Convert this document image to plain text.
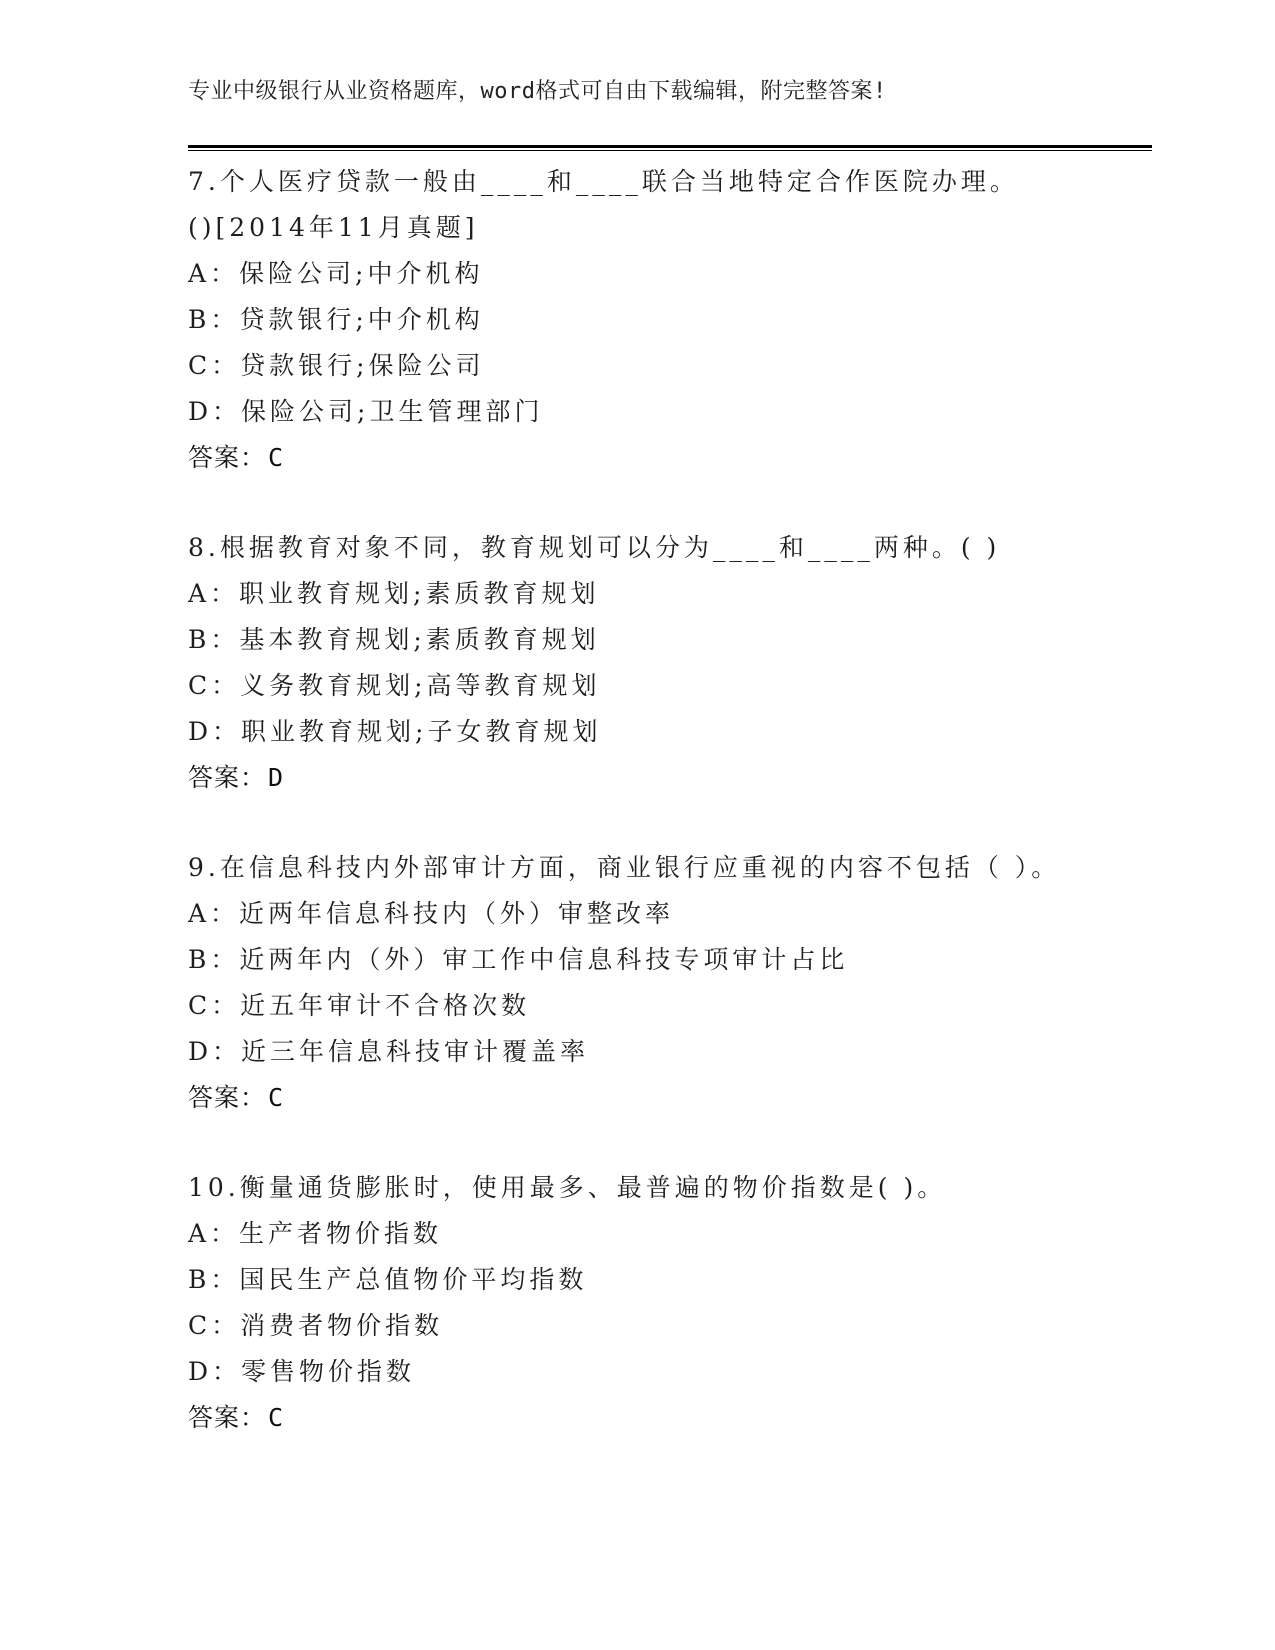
专业中级银行从业资格题库，word格式可自由下载编辑，附完整答案!
7.个人医疗贷款一般由____和____联合当地特定合作医院办理。
()[2014年11月真题]
A：保险公司;中介机构
B：贷款银行;中介机构
C：贷款银行;保险公司
D：保险公司;卫生管理部门
答案：C
8.根据教育对象不同，教育规划可以分为____和____两种。( )
A：职业教育规划;素质教育规划
B：基本教育规划;素质教育规划
C：义务教育规划;高等教育规划
D：职业教育规划;子女教育规划
答案：D
9.在信息科技内外部审计方面，商业银行应重视的内容不包括（ ）。
A：近两年信息科技内（外）审整改率
B：近两年内（外）审工作中信息科技专项审计占比
C：近五年审计不合格次数
D：近三年信息科技审计覆盖率
答案：C
10.衡量通货膨胀时，使用最多、最普遍的物价指数是( )。
A：生产者物价指数
B：国民生产总值物价平均指数
C：消费者物价指数
D：零售物价指数
答案：C
